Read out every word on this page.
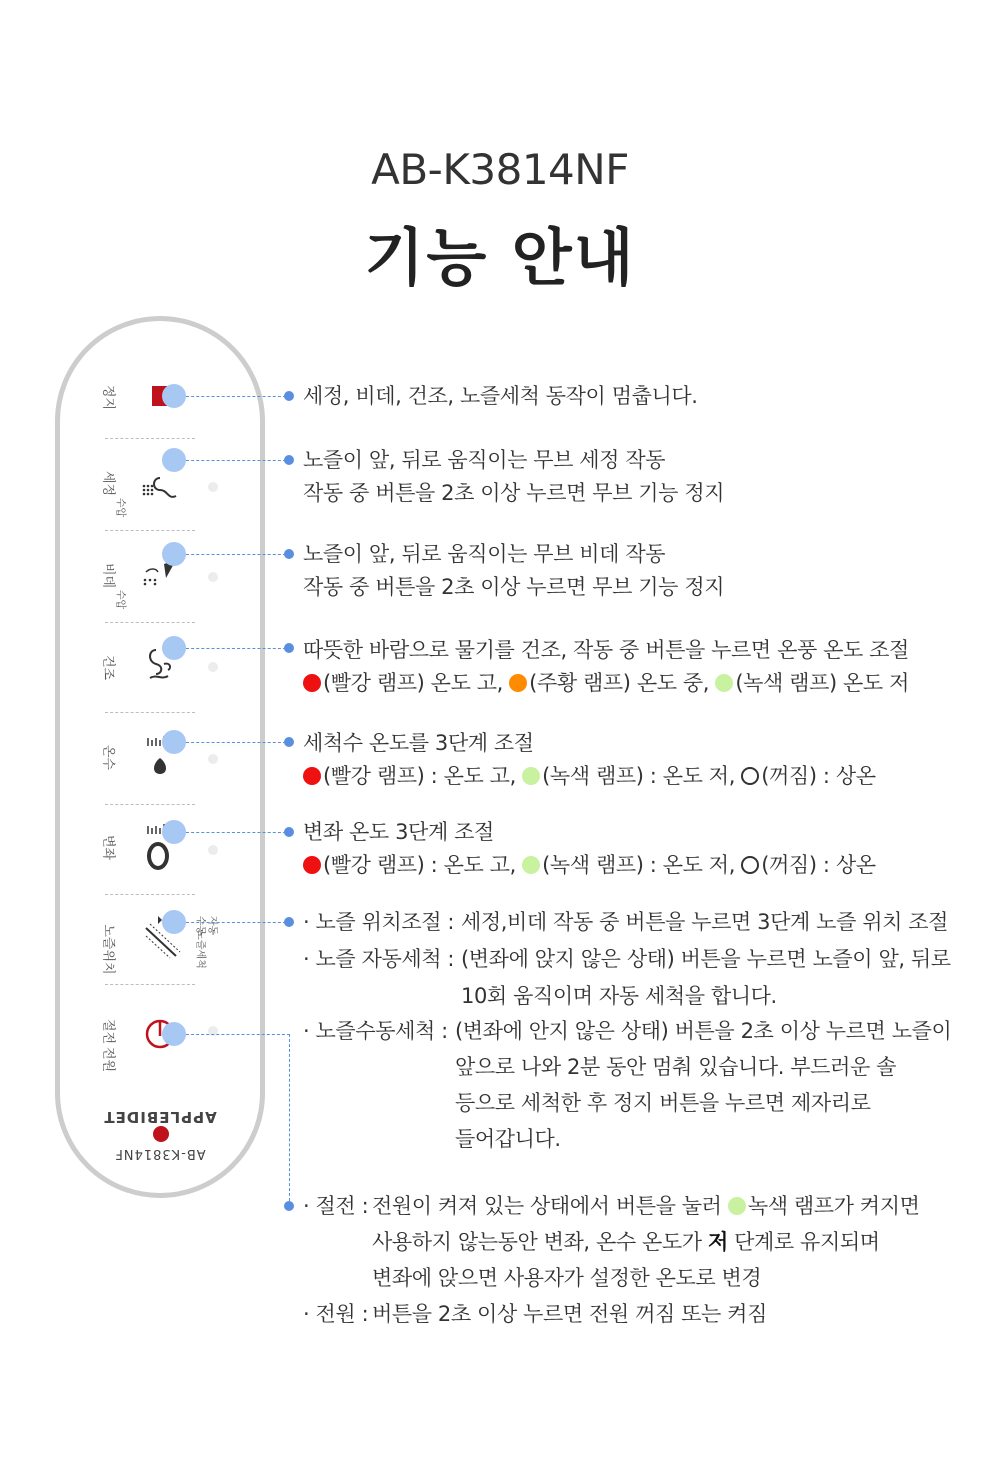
AB-K3814NF
기능 안내
정지
세정
수압
비데
수압
건조
온수
변좌
노즐위치	자동
수동
노즐세척
절전
전원
AB-K3814NF
APPLEBIDET
세정, 비데, 건조, 노즐세척 동작이 멈춥니다.
노즐이 앞, 뒤로 움직이는 무브 세정 작동
작동 중 버튼을 2초 이상 누르면 무브 기능 정지
노즐이 앞, 뒤로 움직이는 무브 비데 작동
작동 중 버튼을 2초 이상 누르면 무브 기능 정지
따뜻한 바람으로 물기를 건조, 작동 중 버튼을 누르면 온풍 온도 조절
(빨강 램프) 온도 고, (주황 램프) 온도 중, (녹색 램프) 온도 저
세척수 온도를 3단계 조절
(빨강 램프) : 온도 고, (녹색 램프) : 온도 저, (꺼짐) : 상온
변좌 온도 3단계 조절
(빨강 램프) : 온도 고, (녹색 램프) : 온도 저, (꺼짐) : 상온
· 노즐 위치조절 : 세정,비데 작동 중 버튼을 누르면 3단계 노즐 위치 조절
· 노즐 자동세척 : (변좌에 앉지 않은 상태) 버튼을 누르면 노즐이 앞, 뒤로
10회 움직이며 자동 세척을 합니다.
· 노즐수동세척 : (변좌에 안지 않은 상태) 버튼을 2초 이상 누르면 노즐이
앞으로 나와 2분 동안 멈춰 있습니다. 부드러운 솔
등으로 세척한 후 정지 버튼을 누르면 제자리로
들어갑니다.
· 절전 : 전원이 켜져 있는 상태에서 버튼을 눌러 녹색 램프가 켜지면
사용하지 않는동안 변좌, 온수 온도가 저 단계로 유지되며
변좌에 앉으면 사용자가 설정한 온도로 변경
· 전원 : 버튼을 2초 이상 누르면 전원 꺼짐 또는 켜짐
